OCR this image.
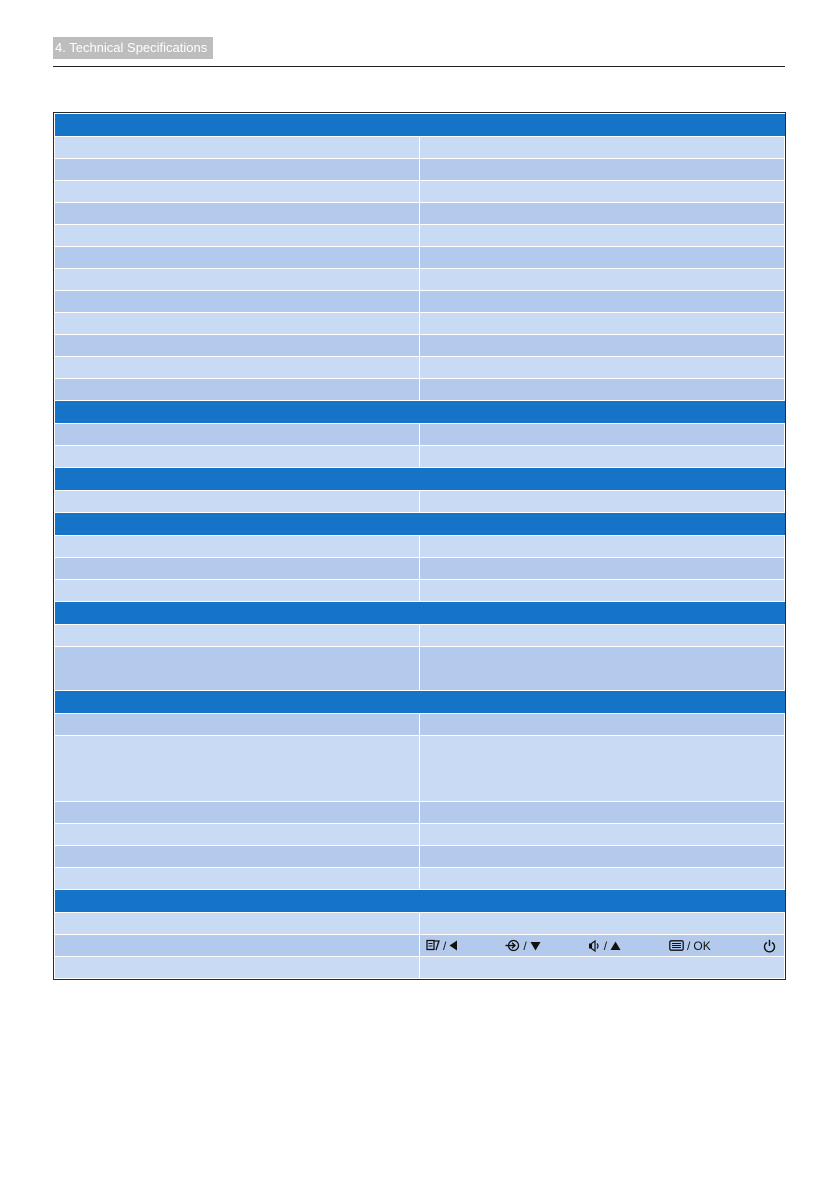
4. Technical Specifications

	/ / / / OK
